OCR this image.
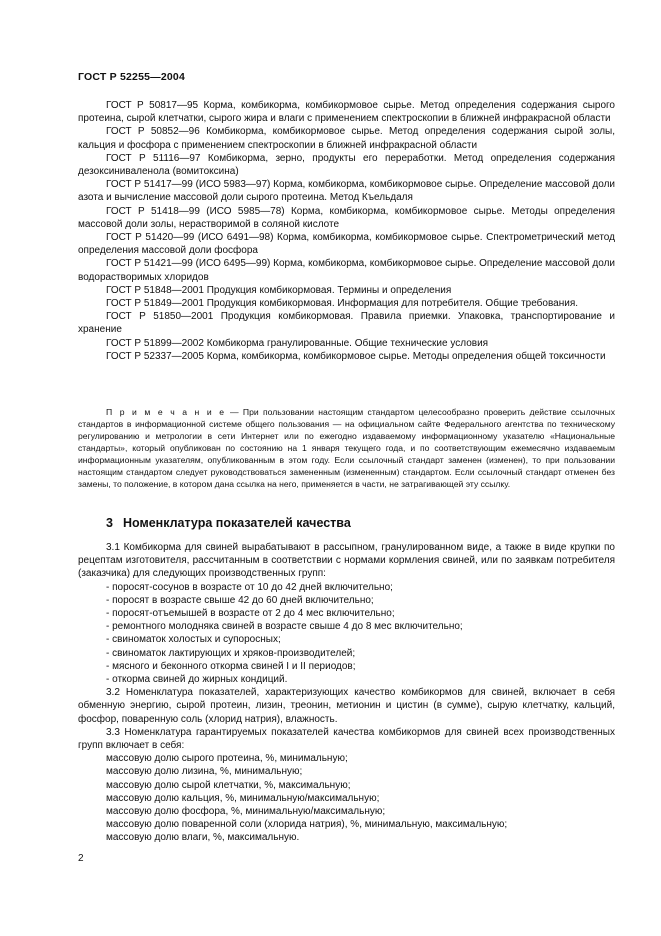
ГОСТ Р 52255—2004

ГОСТ Р 50817—95 Корма, комбикорма, комбикормовое сырье. Метод определения содержания сырого протеина, сырой клетчатки, сырого жира и влаги с применением спектроскопии в ближней инфракрасной области

ГОСТ Р 50852—96 Комбикорма, комбикормовое сырье. Метод определения содержания сырой золы, кальция и фосфора с применением спектроскопии в ближней инфракрасной области

ГОСТ Р 51116—97 Комбикорма, зерно, продукты его переработки. Метод определения содержания дезоксиниваленола (вомитоксина)

ГОСТ Р 51417—99 (ИСО 5983—97) Корма, комбикорма, комбикормовое сырье. Определение массовой доли азота и вычисление массовой доли сырого протеина. Метод Къельдаля

ГОСТ Р 51418—99 (ИСО 5985—78) Корма, комбикорма, комбикормовое сырье. Методы определения массовой доли золы, нерастворимой в соляной кислоте

ГОСТ Р 51420—99 (ИСО 6491—98) Корма, комбикорма, комбикормовое сырье. Спектрометрический метод определения массовой доли фосфора

ГОСТ Р 51421—99 (ИСО 6495—99) Корма, комбикорма, комбикормовое сырье. Определение массовой доли водорастворимых хлоридов

ГОСТ Р 51848—2001 Продукция комбикормовая. Термины и определения

ГОСТ Р 51849—2001 Продукция комбикормовая. Информация для потребителя. Общие требования.

ГОСТ Р 51850—2001 Продукция комбикормовая. Правила приемки. Упаковка, транспортирование и хранение

ГОСТ Р 51899—2002 Комбикорма гранулированные. Общие технические условия

ГОСТ Р 52337—2005 Корма, комбикорма, комбикормовое сырье. Методы определения общей токсичности

П р и м е ч а н и е — При пользовании настоящим стандартом целесообразно проверить действие ссылочных стандартов в информационной системе общего пользования — на официальном сайте Федерального агентства по техническому регулированию и метрологии в сети Интернет или по ежегодно издаваемому информационному указателю «Национальные стандарты», который опубликован по состоянию на 1 января текущего года, и по соответствующим ежемесячно издаваемым информационным указателям, опубликованным в этом году. Если ссылочный стандарт заменен (изменен), то при пользовании настоящим стандартом следует руководствоваться замененным (измененным) стандартом. Если ссылочный стандарт отменен без замены, то положение, в котором дана ссылка на него, применяется в части, не затрагивающей эту ссылку.

3 Номенклатура показателей качества

3.1 Комбикорма для свиней вырабатывают в рассыпном, гранулированном виде, а также в виде крупки по рецептам изготовителя, рассчитанным в соответствии с нормами кормления свиней, или по заявкам потребителя (заказчика) для следующих производственных групп:

- поросят-сосунов в возрасте от 10 до 42 дней включительно;

- поросят в возрасте свыше 42 до 60 дней включительно;

- поросят-отъемышей в возрасте от 2 до 4 мес включительно;

- ремонтного молодняка свиней в возрасте свыше 4 до 8 мес включительно;

- свиноматок холостых и супоросных;

- свиноматок лактирующих и хряков-производителей;

- мясного и беконного откорма свиней I и II периодов;

- откорма свиней до жирных кондиций.

3.2 Номенклатура показателей, характеризующих качество комбикормов для свиней, включает в себя обменную энергию, сырой протеин, лизин, треонин, метионин и цистин (в сумме), сырую клетчатку, кальций, фосфор, поваренную соль (хлорид натрия), влажность.

3.3 Номенклатура гарантируемых показателей качества комбикормов для свиней всех производственных групп включает в себя:

массовую долю сырого протеина, %, минимальную;

массовую долю лизина, %, минимальную;

массовую долю сырой клетчатки, %, максимальную;

массовую долю кальция, %, минимальную/максимальную;

массовую долю фосфора, %, минимальную/максимальную;

массовую долю поваренной соли (хлорида натрия), %, минимальную, максимальную;

массовую долю влаги, %, максимальную.

2
